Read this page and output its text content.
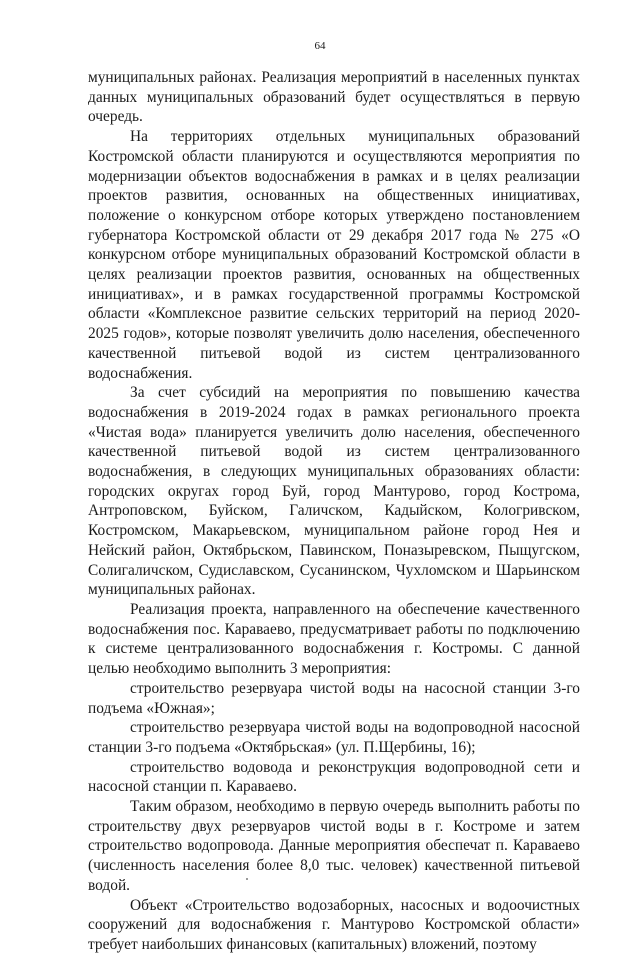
64

муниципальных районах. Реализация мероприятий в населенных пунктах данных муниципальных образований будет осуществляться в первую очередь.

На территориях отдельных муниципальных образований Костромской области планируются и осуществляются мероприятия по модернизации объектов водоснабжения в рамках и в целях реализации проектов развития, основанных на общественных инициативах, положение о конкурсном отборе которых утверждено постановлением губернатора Костромской области от 29 декабря 2017 года № 275 «О конкурсном отборе муниципальных образований Костромской области в целях реализации проектов развития, основанных на общественных инициативах», и в рамках государственной программы Костромской области «Комплексное развитие сельских территорий на период 2020-2025 годов», которые позволят увеличить долю населения, обеспеченного качественной питьевой водой из систем централизованного водоснабжения.

За счет субсидий на мероприятия по повышению качества водоснабжения в 2019-2024 годах в рамках регионального проекта «Чистая вода» планируется увеличить долю населения, обеспеченного качественной питьевой водой из систем централизованного водоснабжения, в следующих муниципальных образованиях области: городских округах город Буй, город Мантурово, город Кострома, Антроповском, Буйском, Галичском, Кадыйском, Кологривском, Костромском, Макарьевском, муниципальном районе город Нея и Нейский район, Октябрьском, Павинском, Поназыревском, Пыщугском, Солигаличском, Судиславском, Сусанинском, Чухломском и Шарьинском муниципальных районах.

Реализация проекта, направленного на обеспечение качественного водоснабжения пос. Караваево, предусматривает работы по подключению к системе централизованного водоснабжения г. Костромы. С данной целью необходимо выполнить 3 мероприятия:

строительство резервуара чистой воды на насосной станции 3-го подъема «Южная»;

строительство резервуара чистой воды на водопроводной насосной станции 3-го подъема «Октябрьская» (ул. П.Щербины, 16);

строительство водовода и реконструкция водопроводной сети и насосной станции п. Караваево.

Таким образом, необходимо в первую очередь выполнить работы по строительству двух резервуаров чистой воды в г. Костроме и затем строительство водопровода. Данные мероприятия обеспечат п. Караваево (численность населения более 8,0 тыс. человек) качественной питьевой водой.

Объект «Строительство водозаборных, насосных и водоочистных сооружений для водоснабжения г. Мантурово Костромской области» требует наибольших финансовых (капитальных) вложений, поэтому
